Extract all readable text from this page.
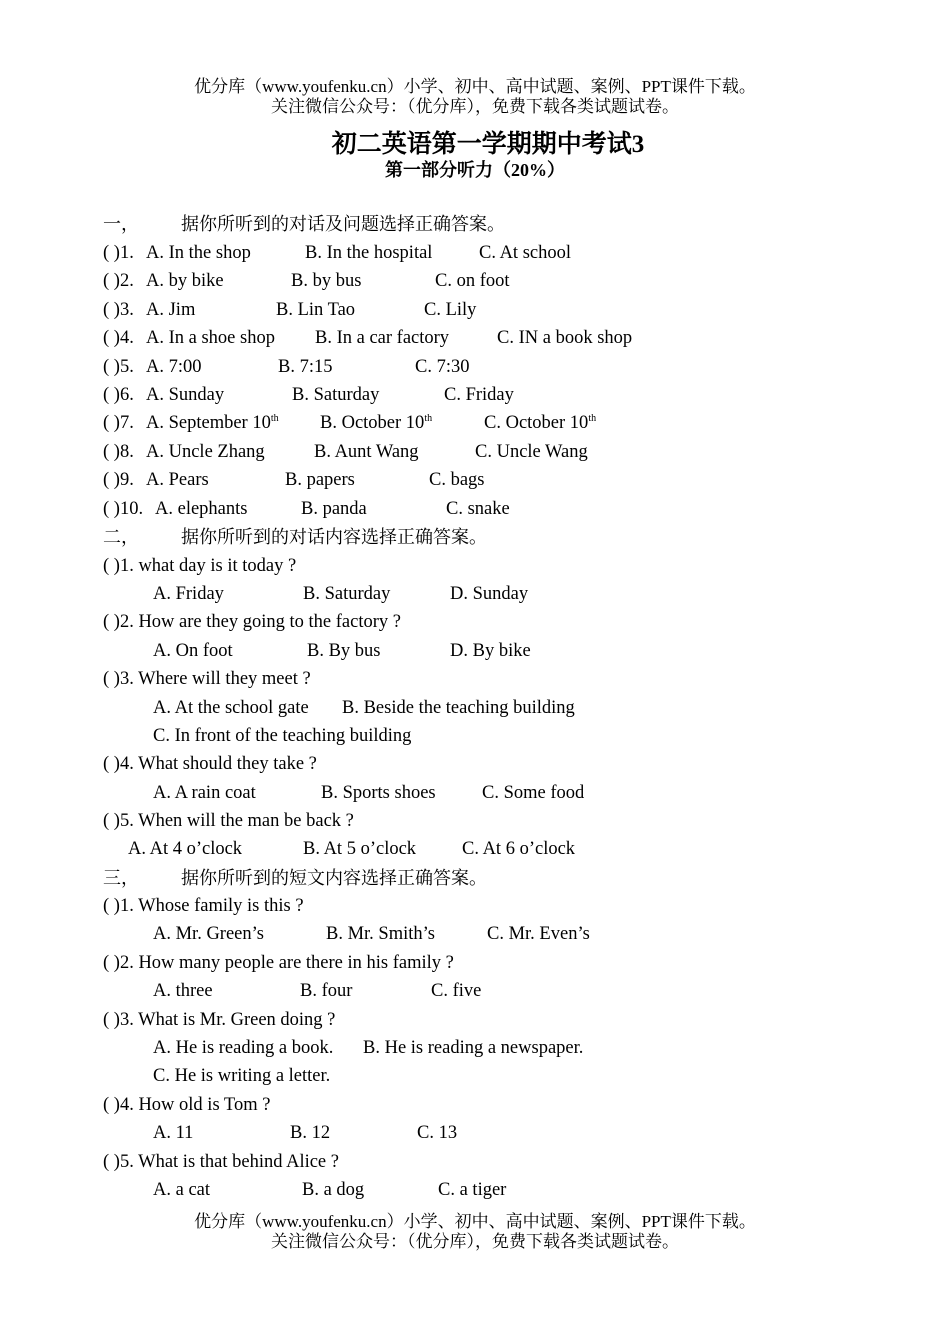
优分库（www.youfenku.cn）小学、初中、高中试题、案例、PPT课件下载。
关注微信公众号：（优分库），免费下载各类试题试卷。
初二英语第一学期期中考试3
第一部分听力（20%）
一， 据你所听到的对话及问题选择正确答案。
( )1. A. In the shop	B. In the hospital	C. At school
( )2. A. by bike	B. by bus	C. on foot
( )3. A. Jim	B. Lin Tao	C. Lily
( )4. A. In a shoe shop B. In a car factory	C. IN a book shop
( )5. A. 7:00	B. 7:15	C. 7:30
( )6. A. Sunday	B. Saturday	C. Friday
( )7. A. September 10th B. October 10th	C. October 10th
( )8. A. Uncle Zhang	B. Aunt Wang	C. Uncle Wang
( )9. A. Pears	B. papers	C. bags
( )10. A. elephants	B. panda	C. snake
二， 据你所听到的对话内容选择正确答案。
( )1. what day is it today ?
A. Friday	B. Saturday	D. Sunday
( )2. How are they going to the factory ?
A. On foot	B. By bus	D. By bike
( )3. Where will they meet ?
A. At the school gate B. Beside the teaching building
C. In front of the teaching building
( )4. What should they take ?
A. A rain coat	B. Sports shoes	C. Some food
( )5. When will the man be back ?
A. At 4 o’clock	B. At 5 o’clock C. At 6 o’clock
三， 据你所听到的短文内容选择正确答案。
( )1. Whose family is this ?
A. Mr. Green’s	B. Mr. Smith’s	C. Mr. Even’s
( )2. How many people are there in his family ?
A. three	B. four	C. five
( )3. What is Mr. Green doing ?
A. He is reading a book. B. He is reading a newspaper.
C. He is writing a letter.
( )4. How old is Tom ?
A. 11	B. 12	C. 13
( )5. What is that behind Alice ?
A. a cat	B. a dog	C. a tiger
优分库（www.youfenku.cn）小学、初中、高中试题、案例、PPT课件下载。
关注微信公众号：（优分库），免费下载各类试题试卷。
